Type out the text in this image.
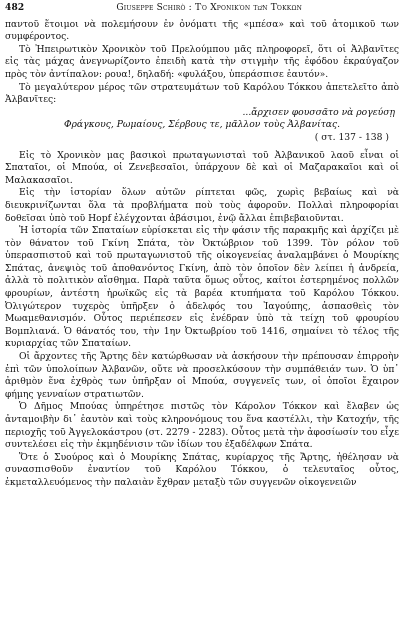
482	Giuseppe Schirò : Τὸ Χρονικὸν τῶν Τόκκων

παντοῦ ἕτοιμοι νὰ πολεμήσουν ἐν ὀνόματι τῆς «μπέσα» καὶ τοῦ ἀτομικοῦ των συμφέροντος.

Τὸ Ἠπειρωτικὸν Χρονικὸν τοῦ Πρελούμπου μᾶς πληροφορεῖ, ὅτι οἱ Ἀλβανῖτες εἰς τὰς μάχας ἀνεγνωρίζοντο ἐπειδὴ κατὰ τὴν στιγμὴν τῆς ἐφόδου ἐκραύγαζον πρὸς τὸν ἀντίπαλον: ρουα!, δηλαδή: «φυλάξου, ὑπεράσπισε ἑαυτόν».

Τὸ μεγαλύτερον μέρος τῶν στρατευμάτων τοῦ Καρόλου Τόκκου ἀπετελεῖτο ἀπὸ Ἀλβανῖτες:

...ἄρχισεν φουσσᾶτο νὰ ρογεύσῃ

Φράγκους, Ρωμαίους, Σέρβους τε, μᾶλλον τοὺς Ἀλβανίτας.

( στ. 137 - 138 )

Εἰς τὸ Χρονικὸν μας βασικοὶ πρωταγωνισταὶ τοῦ Ἀλβανικοῦ λαοῦ εἶναι οἱ Σπαταῖοι, οἱ Μπούα, οἱ Ζενεβεσαῖοι, ὑπάρχουν δὲ καὶ οἱ Μαζαρακαῖοι καὶ οἱ Μαλακασαῖοι.

Εἰς τὴν ἱστορίαν ὅλων αὐτῶν ρίπτεται φῶς, χωρὶς βεβαίως καὶ νὰ διευκρινίζωνται ὅλα τὰ προβλήματα ποὺ τοὺς ἀφοροῦν. Πολλαὶ πληροφορίαι δοθεῖσαι ὑπὸ τοῦ Hopf ἐλέγχονται ἀβάσιμοι, ἐνῷ ἄλλαι ἐπιβεβαιοῦνται.

Ἡ ἱστορία τῶν Σπαταίων εὑρίσκεται εἰς τὴν φάσιν τῆς παρακμῆς καὶ ἀρχίζει μὲ τὸν θάνατον τοῦ Γκίνη Σπάτα, τὸν Ὀκτώβριον τοῦ 1399. Τὸν ρόλον τοῦ ὑπερασπιστοῦ καὶ τοῦ πρωταγωνιστοῦ τῆς οἰκογενείας ἀναλαμβάνει ὁ Μουρίκης Σπάτας, ἀνεψιὸς τοῦ ἀποθανόντος Γκίνη, ἀπὸ τὸν ὁποῖον δὲν λείπει ἡ ἀνδρεία, ἀλλὰ τὸ πολιτικὸν αἴσθημα. Παρὰ ταῦτα ὅμως οὗτος, καίτοι ἐστερημένος πολλῶν φρουρίων, ἀντέστη ἡρωϊκῶς εἰς τὰ βαρέα κτυπήματα τοῦ Καρόλου Τόκκου. Ὀλιγώτερον τυχερὸς ὑπῆρξεν ὁ ἀδελφός του Ἰαγούπης, ἀσπασθεὶς τὸν Μωαμεθανισμόν. Οὗτος περιέπεσεν εἰς ἐνέδραν ὑπὸ τὰ τείχη τοῦ φρουρίου Βομπλιανά. Ὁ θάνατός του, τὴν 1ην Ὀκτωβρίου τοῦ 1416, σημαίνει τὸ τέλος τῆς κυριαρχίας τῶν Σπαταίων.

Οἱ ἄρχοντες τῆς Ἄρτης δὲν κατώρθωσαν νὰ ἀσκήσουν τὴν πρέπουσαν ἐπιρροὴν ἐπὶ τῶν ὑπολοίπων Ἀλβανῶν, οὔτε νὰ προσελκύσουν τὴν συμπάθειάν των. Ὁ ὑπ᾽ ἀριθμὸν ἕνα ἐχθρὸς των ὑπῆρξαν οἱ Μπούα, συγγενεῖς των, οἱ ὁποῖοι ἔχαιρον φήμης γενναίων στρατιωτῶν.

Ὁ Δῆμος Μπούας ὑπηρέτησε πιστῶς τὸν Κάρολον Τόκκον καὶ ἔλαβεν ὡς ἀνταμοιβὴν δι᾽ ἑαυτὸν καὶ τοὺς κληρονόμους του ἕνα καστέλλι, τὴν Κατοχήν, τῆς περιοχῆς τοῦ Ἀγγελοκάστρου (στ. 2279 - 2283). Οὗτος μετὰ τὴν ἀφοσίωσίν του εἶχε συντελέσει εἰς τὴν ἐκμηδένισιν τῶν ἰδίων του ἐξαδέλφων Σπάτα.

Ὅτε ὁ Συούρος καὶ ὁ Μουρίκης Σπάτας, κυρίαρχος τῆς Ἄρτης, ἠθέλησαν νὰ συνασπισθοῦν ἐναντίον τοῦ Καρόλου Τόκκου, ὁ τελευταῖος οὗτος, ἐκμεταλλευόμενος τὴν παλαιὰν ἔχθραν μεταξὺ τῶν συγγενῶν οἰκογενειῶν
